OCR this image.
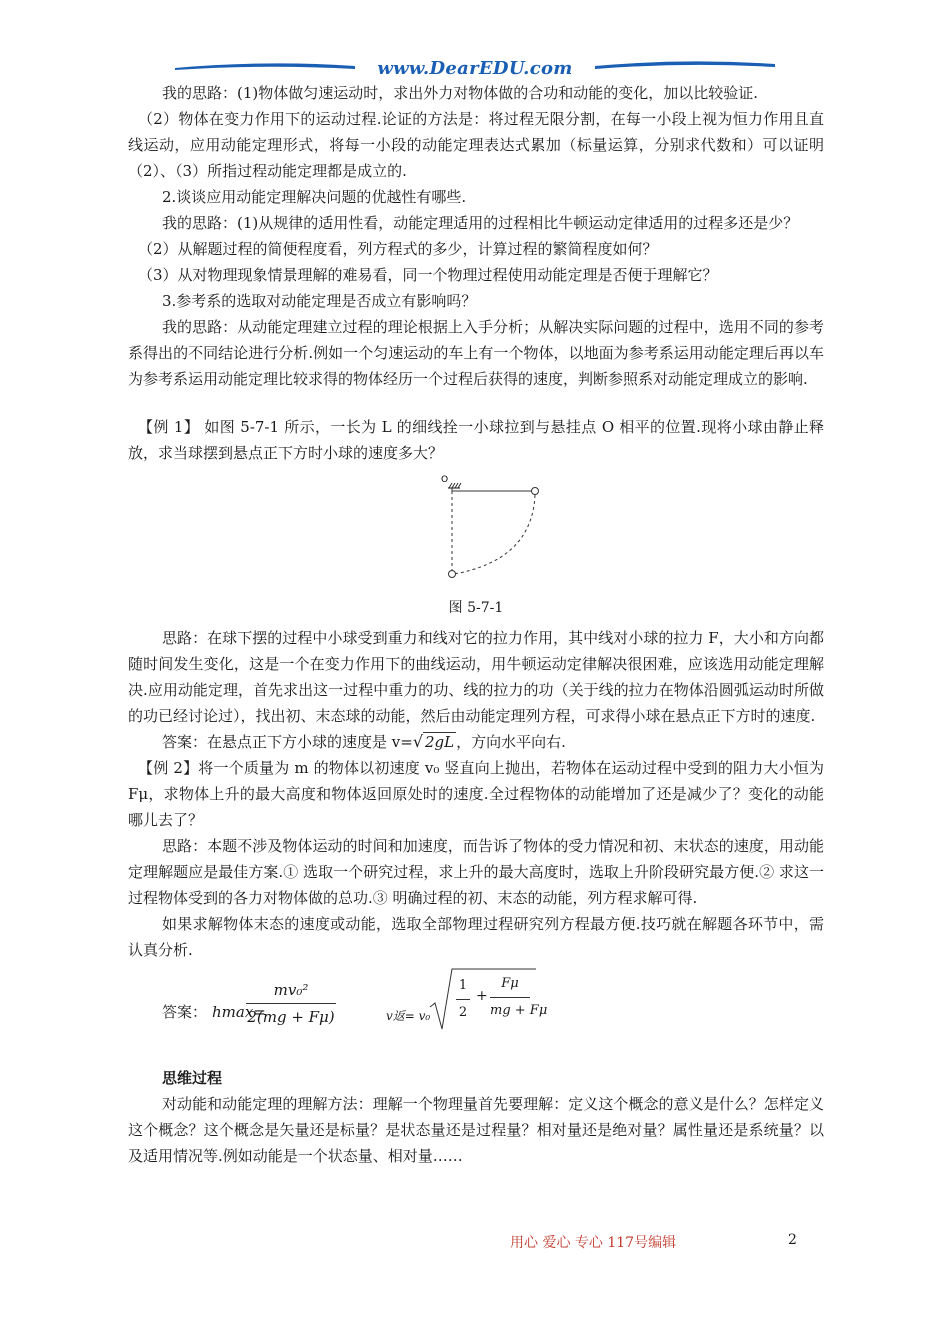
www.DearEDU.com

我的思路：(1)物体做匀速运动时，求出外力对物体做的合功和动能的变化，加以比较验证.

（2）物体在变力作用下的运动过程.论证的方法是：将过程无限分割，在每一小段上视为恒力作用且直线运动，应用动能定理形式，将每一小段的动能定理表达式累加（标量运算，分别求代数和）可以证明（2）、（3）所指过程动能定理都是成立的.

2.谈谈应用动能定理解决问题的优越性有哪些.

我的思路：(1)从规律的适用性看，动能定理适用的过程相比牛顿运动定律适用的过程多还是少？

（2）从解题过程的简便程度看，列方程式的多少，计算过程的繁简程度如何？

（3）从对物理现象情景理解的难易看，同一个物理过程使用动能定理是否便于理解它？

3.参考系的选取对动能定理是否成立有影响吗？

我的思路：从动能定理建立过程的理论根据上入手分析；从解决实际问题的过程中，选用不同的参考系得出的不同结论进行分析.例如一个匀速运动的车上有一个物体，以地面为参考系运用动能定理后再以车为参考系运用动能定理比较求得的物体经历一个过程后获得的速度，判断参照系对动能定理成立的影响.

【例 1】 如图 5-7-1 所示，一长为 L 的细线拴一小球拉到与悬挂点 O 相平的位置.现将小球由静止释放，求当球摆到悬点正下方时小球的速度多大？

O
图 5-7-1

思路：在球下摆的过程中小球受到重力和线对它的拉力作用，其中线对小球的拉力 F，大小和方向都随时间发生变化，这是一个在变力作用下的曲线运动，用牛顿运动定律解决很困难，应该选用动能定理解决.应用动能定理，首先求出这一过程中重力的功、线的拉力的功（关于线的拉力在物体沿圆弧运动时所做的功已经讨论过），找出初、末态球的动能，然后由动能定理列方程，可求得小球在悬点正下方时的速度.

答案：在悬点正下方小球的速度是 v=√ 2gL ，方向水平向右.

【例 2】将一个质量为 m 的物体以初速度 v₀ 竖直向上抛出，若物体在运动过程中受到的阻力大小恒为 Fμ，求物体上升的最大高度和物体返回原处时的速度.全过程物体的动能增加了还是减少了？变化的动能哪儿去了？

思路：本题不涉及物体运动的时间和加速度，而告诉了物体的受力情况和初、末状态的速度，用动能定理解题应是最佳方案.① 选取一个研究过程，求上升的最大高度时，选取上升阶段研究最方便.② 求这一过程物体受到的各力对物体做的总功.③ 明确过程的初、末态的动能，列方程求解可得.

如果求解物体末态的速度或动能，选取全部物理过程研究列方程最方便.技巧就在解题各环节中，需认真分析.

答案： hmax=
$\frac{\text{mv₀²}}{2(mg + F\mu)}$	v返= $v_0 \frac{1}{2} + \frac{F\mu}{mg + F\mu}$

思维过程

对动能和动能定理的理解方法：理解一个物理量首先要理解：定义这个概念的意义是什么？怎样定义这个概念？这个概念是矢量还是标量？是状态量还是过程量？相对量还是绝对量？属性量还是系统量？以及适用情况等.例如动能是一个状态量、相对量……

用心 爱心 专心 117号编辑	2
